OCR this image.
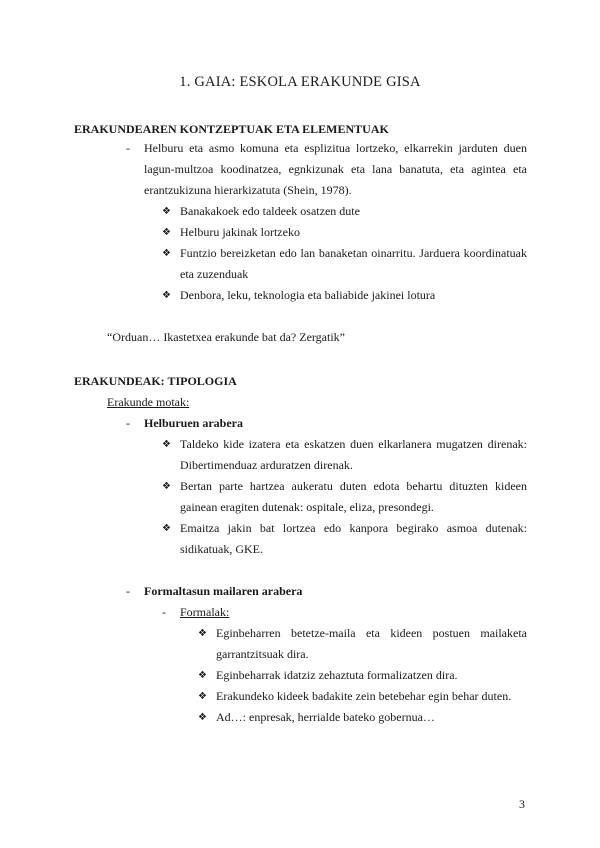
1. GAIA: ESKOLA ERAKUNDE GISA
ERAKUNDEAREN KONTZEPTUAK ETA ELEMENTUAK
-	Helburu eta asmo komuna eta esplizitua lortzeko, elkarrekin jarduten duen
lagun-multzoa koodinatzea, egnkizunak eta lana banatuta, eta agintea eta
erantzukizuna hierarkizatuta (Shein, 1978).
❖ Banakakoek edo taldeek osatzen dute
❖ Helburu jakinak lortzeko
❖ Funtzio bereizketan edo lan banaketan oinarritu. Jarduera koordinatuak
eta zuzenduak
❖ Denbora, leku, teknologia eta baliabide jakinei lotura
“Orduan… Ikastetxea erakunde bat da? Zergatik”
ERAKUNDEAK: TIPOLOGIA
Erakunde motak:
-	Helburuen arabera
❖ Taldeko kide izatera eta eskatzen duen elkarlanera mugatzen direnak:
Dibertimenduaz arduratzen direnak.
❖ Bertan parte hartzea aukeratu duten edota behartu dituzten kideen
gainean eragiten dutenak: ospitale, eliza, presondegi.
❖ Emaitza jakin bat lortzea edo kanpora begirako asmoa dutenak:
sidikatuak, GKE.
-	Formaltasun mailaren arabera
-	Formalak:
❖ Eginbeharren betetze-maila eta kideen postuen mailaketa
garrantzitsuak dira.
❖ Eginbeharrak idatziz zehaztuta formalizatzen dira.
❖ Erakundeko kideek badakite zein betebehar egin behar duten.
❖ Ad…: enpresak, herrialde bateko gobernua…
3
